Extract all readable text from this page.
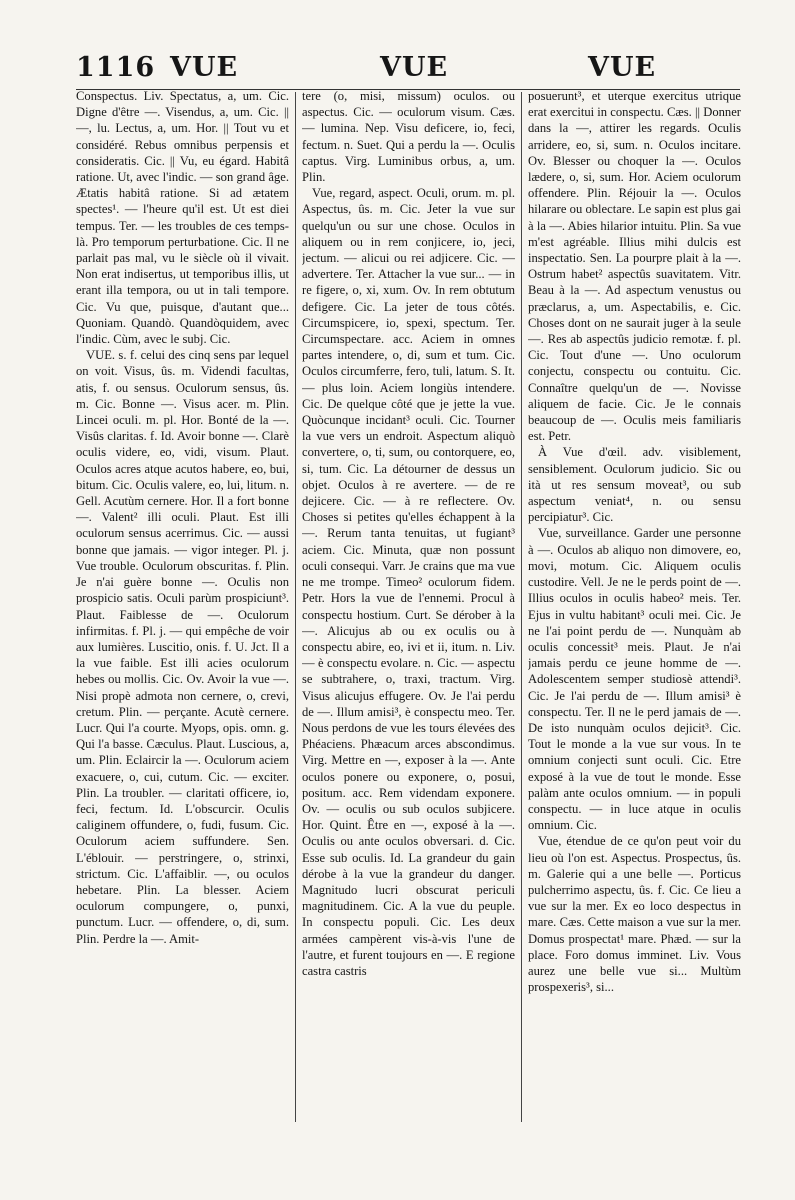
1116 VUE	VUE	VUE

Conspectus. Liv. Spectatus, a, um. Cic. Digne d'être —. Visendus, a, um. Cic. || —, lu. Lectus, a, um. Hor. || Tout vu et considéré. Rebus omnibus perpensis et consideratis. Cic. || Vu, eu égard. Habitâ ratione. Ut, avec l'indic. — son grand âge. Ætatis habitâ ratione. Si ad ætatem spectes¹. — l'heure qu'il est. Ut est diei tempus. Ter. — les troubles de ces temps-là. Pro temporum perturbatione. Cic. Il ne parlait pas mal, vu le siècle où il vivait. Non erat indisertus, ut temporibus illis, ut erant illa tempora, ou ut in tali tempore. Cic. Vu que, puisque, d'autant que... Quoniam. Quandò. Quandòquidem, avec l'indic. Cùm, avec le subj. Cic.

VUE. s. f. celui des cinq sens par lequel on voit. Visus, ûs. m. Videndi facultas, atis, f. ou sensus. Oculorum sensus, ûs. m. Cic. Bonne —. Visus acer. m. Plin. Lincei oculi. m. pl. Hor. Bonté de la —. Visûs claritas. f. Id. Avoir bonne —. Clarè oculis videre, eo, vidi, visum. Plaut. Oculos acres atque acutos habere, eo, bui, bitum. Cic. Oculis valere, eo, lui, litum. n. Gell. Acutùm cernere. Hor. Il a fort bonne —. Valent² illi oculi. Plaut. Est illi oculorum sensus acerrimus. Cic. — aussi bonne que jamais. — vigor integer. Pl. j. Vue trouble. Oculorum obscuritas. f. Plin. Je n'ai guère bonne —. Oculis non prospicio satis. Oculi parùm prospiciunt³. Plaut. Faiblesse de —. Oculorum infirmitas. f. Pl. j. — qui empêche de voir aux lumières. Luscitio, onis. f. U. Jct. Il a la vue faible. Est illi acies oculorum hebes ou mollis. Cic. Ov. Avoir la vue —. Nisi propè admota non cernere, o, crevi, cretum. Plin. — perçante. Acutè cernere. Lucr. Qui l'a courte. Myops, opis. omn. g. Qui l'a basse. Cæculus. Plaut. Luscious, a, um. Plin. Eclaircir la —. Oculorum aciem exacuere, o, cui, cutum. Cic. — exciter. Plin. La troubler. — claritati officere, io, feci, fectum. Id. L'obscurcir. Oculis caliginem offundere, o, fudi, fusum. Cic. Oculorum aciem suffundere. Sen. L'éblouir. — perstringere, o, strinxi, strictum. Cic. L'affaiblir. —, ou oculos hebetare. Plin. La blesser. Aciem oculorum compungere, o, punxi, punctum. Lucr. — offendere, o, di, sum. Plin. Perdre la —. Amit-

tere (o, misi, missum) oculos. ou aspectus. Cic. — oculorum visum. Cæs. — lumina. Nep. Visu deficere, io, feci, fectum. n. Suet. Qui a perdu la —. Oculis captus. Virg. Luminibus orbus, a, um. Plin.

Vue, regard, aspect. Oculi, orum. m. pl. Aspectus, ûs. m. Cic. Jeter la vue sur quelqu'un ou sur une chose. Oculos in aliquem ou in rem conjicere, io, jeci, jectum. — alicui ou rei adjicere. Cic. — advertere. Ter. Attacher la vue sur... — in re figere, o, xi, xum. Ov. In rem obtutum defigere. Cic. La jeter de tous côtés. Circumspicere, io, spexi, spectum. Ter. Circumspectare. acc. Aciem in omnes partes intendere, o, di, sum et tum. Cic. Oculos circumferre, fero, tuli, latum. S. It. — plus loin. Aciem longiùs intendere. Cic. De quelque côté que je jette la vue. Quòcunque incidant³ oculi. Cic. Tourner la vue vers un endroit. Aspectum aliquò convertere, o, ti, sum, ou contorquere, eo, si, tum. Cic. La détourner de dessus un objet. Oculos à re avertere. — de re dejicere. Cic. — à re reflectere. Ov. Choses si petites qu'elles échappent à la —. Rerum tanta tenuitas, ut fugiant³ aciem. Cic. Minuta, quæ non possunt oculi consequi. Varr. Je crains que ma vue ne me trompe. Timeo² oculorum fidem. Petr. Hors la vue de l'ennemi. Procul à conspectu hostium. Curt. Se dérober à la —. Alicujus ab ou ex oculis ou à conspectu abire, eo, ivi et ii, itum. n. Liv. — è conspectu evolare. n. Cic. — aspectu se subtrahere, o, traxi, tractum. Virg. Visus alicujus effugere. Ov. Je l'ai perdu de —. Illum amisi³, è conspectu meo. Ter. Nous perdons de vue les tours élevées des Phéaciens. Phæacum arces abscondimus. Virg. Mettre en —, exposer à la —. Ante oculos ponere ou exponere, o, posui, positum. acc. Rem videndam exponere. Ov. — oculis ou sub oculos subjicere. Hor. Quint. Être en —, exposé à la —. Oculis ou ante oculos obversari. d. Cic. Esse sub oculis. Id. La grandeur du gain dérobe à la vue la grandeur du danger. Magnitudo lucri obscurat periculi magnitudinem. Cic. A la vue du peuple. In conspectu populi. Cic. Les deux armées campèrent vis-à-vis l'une de l'autre, et furent toujours en —. E regione castra castris

posuerunt³, et uterque exercitus utrique erat exercitui in conspectu. Cæs. || Donner dans la —, attirer les regards. Oculis arridere, eo, si, sum. n. Oculos incitare. Ov. Blesser ou choquer la —. Oculos lædere, o, si, sum. Hor. Aciem oculorum offendere. Plin. Réjouir la —. Oculos hilarare ou oblectare. Le sapin est plus gai à la —. Abies hilarior intuitu. Plin. Sa vue m'est agréable. Illius mihi dulcis est inspectatio. Sen. La pourpre plait à la —. Ostrum habet² aspectûs suavitatem. Vitr. Beau à la —. Ad aspectum venustus ou præclarus, a, um. Aspectabilis, e. Cic. Choses dont on ne saurait juger à la seule —. Res ab aspectûs judicio remotæ. f. pl. Cic. Tout d'une —. Uno oculorum conjectu, conspectu ou contuitu. Cic. Connaître quelqu'un de —. Novisse aliquem de facie. Cic. Je le connais beaucoup de —. Oculis meis familiaris est. Petr.

À Vue d'œil. adv. visiblement, sensiblement. Oculorum judicio. Sic ou ità ut res sensum moveat³, ou sub aspectum veniat⁴, n. ou sensu percipiatur³. Cic.

Vue, surveillance. Garder une personne à —. Oculos ab aliquo non dimovere, eo, movi, motum. Cic. Aliquem oculis custodire. Vell. Je ne le perds point de —. Illius oculos in oculis habeo² meis. Ter. Ejus in vultu habitant³ oculi mei. Cic. Je ne l'ai point perdu de —. Nunquàm ab oculis concessit³ meis. Plaut. Je n'ai jamais perdu ce jeune homme de —. Adolescentem semper studiosè attendi³. Cic. Je l'ai perdu de —. Illum amisi³ è conspectu. Ter. Il ne le perd jamais de —. De isto nunquàm oculos dejicit³. Cic. Tout le monde a la vue sur vous. In te omnium conjecti sunt oculi. Cic. Etre exposé à la vue de tout le monde. Esse palàm ante oculos omnium. — in populi conspectu. — in luce atque in oculis omnium. Cic.

Vue, étendue de ce qu'on peut voir du lieu où l'on est. Aspectus. Prospectus, ûs. m. Galerie qui a une belle —. Porticus pulcherrimo aspectu, ûs. f. Cic. Ce lieu a vue sur la mer. Ex eo loco despectus in mare. Cæs. Cette maison a vue sur la mer. Domus prospectat¹ mare. Phæd. — sur la place. Foro domus imminet. Liv. Vous aurez une belle vue si... Multùm prospexeris³, si...
